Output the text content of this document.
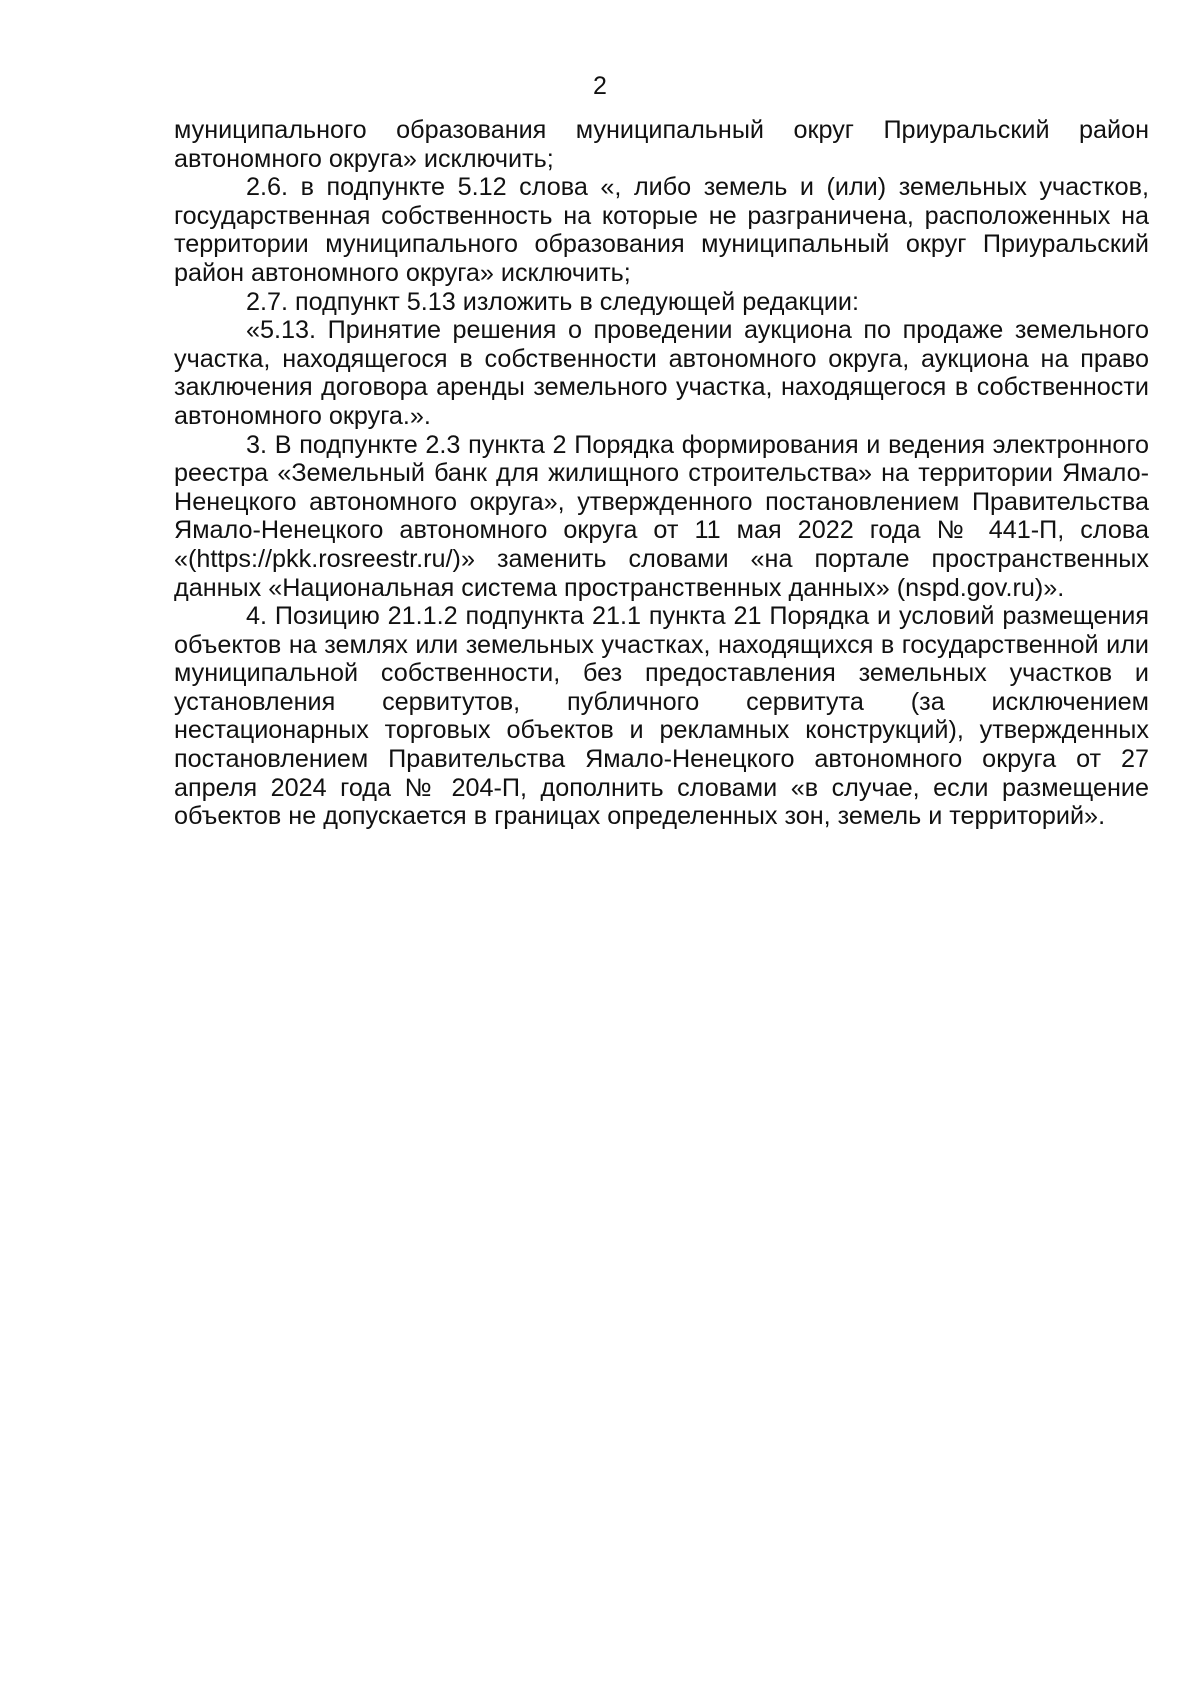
2

муниципального образования муниципальный округ Приуральский район автономного округа» исключить;

2.6. в подпункте 5.12 слова «, либо земель и (или) земельных участков, государственная собственность на которые не разграничена, расположенных на территории муниципального образования муниципальный округ Приуральский район автономного округа» исключить;

2.7. подпункт 5.13 изложить в следующей редакции:

«5.13. Принятие решения о проведении аукциона по продаже земельного участка, находящегося в собственности автономного округа, аукциона на право заключения договора аренды земельного участка, находящегося в собственности автономного округа.».

3. В подпункте 2.3 пункта 2 Порядка формирования и ведения электронного реестра «Земельный банк для жилищного строительства» на территории Ямало-Ненецкого автономного округа», утвержденного постановлением Правительства Ямало-Ненецкого автономного округа от 11 мая 2022 года № 441-П, слова «(https://pkk.rosreestr.ru/)» заменить словами «на портале пространственных данных «Национальная система пространственных данных» (nspd.gov.ru)».

4. Позицию 21.1.2 подпункта 21.1 пункта 21 Порядка и условий размещения объектов на землях или земельных участках, находящихся в государственной или муниципальной собственности, без предоставления земельных участков и установления сервитутов, публичного сервитута (за исключением нестационарных торговых объектов и рекламных конструкций), утвержденных постановлением Правительства Ямало-Ненецкого автономного округа от 27 апреля 2024 года № 204-П, дополнить словами «в случае, если размещение объектов не допускается в границах определенных зон, земель и территорий».
